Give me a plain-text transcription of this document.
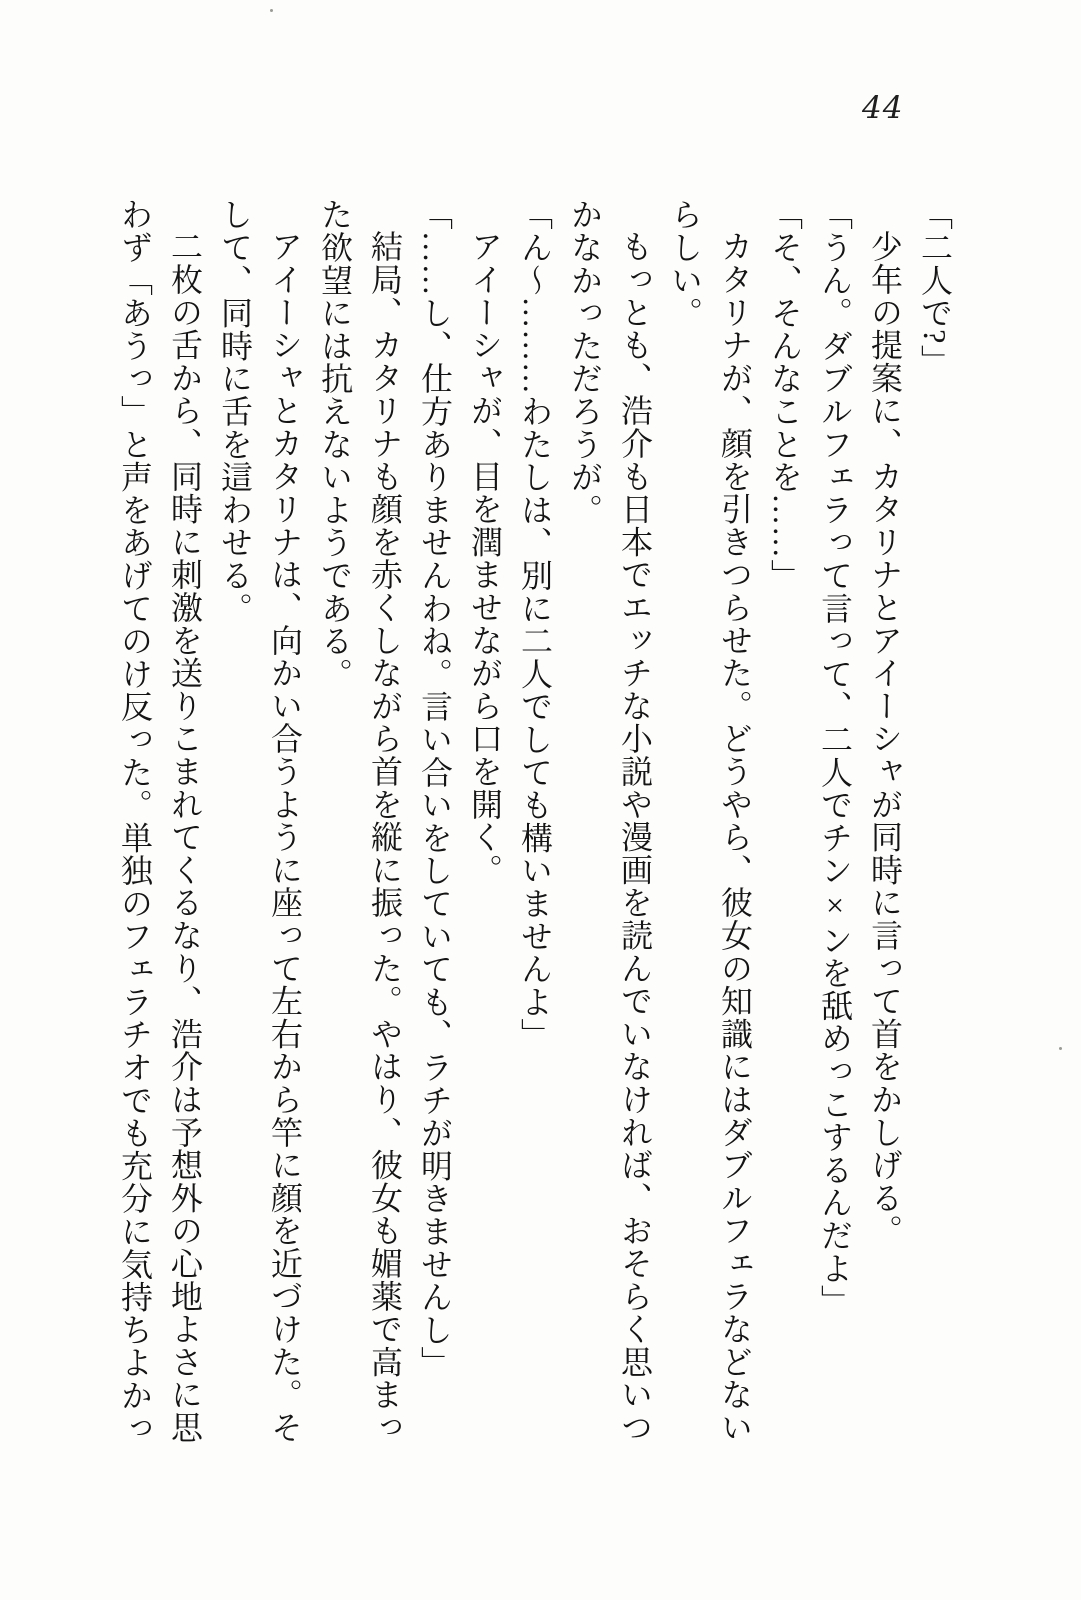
44

「二人で?」

少年の提案に、カタリナとアイーシャが同時に言って首をかしげる。

「うん。ダブルフェラって言って、二人でチン×ンを舐めっこするんだよ」

「そ、そんなことを……」

カタリナが、顔を引きつらせた。どうやら、彼女の知識にはダブルフェラなどない

らしい。

もっとも、浩介も日本でエッチな小説や漫画を読んでいなければ、おそらく思いつ

かなかっただろうが。

「ん〜………わたしは、別に二人でしても構いませんよ」

アイーシャが、目を潤ませながら口を開く。

「……し、仕方ありませんわね。言い合いをしていても、ラチが明きませんし」

結局、カタリナも顔を赤くしながら首を縦に振った。やはり、彼女も媚薬で高まっ

た欲望には抗えないようである。

アイーシャとカタリナは、向かい合うように座って左右から竿に顔を近づけた。そ

して、同時に舌を這わせる。

二枚の舌から、同時に刺激を送りこまれてくるなり、浩介は予想外の心地よさに思

わず「あうっ」と声をあげてのけ反った。単独のフェラチオでも充分に気持ちよかっ
